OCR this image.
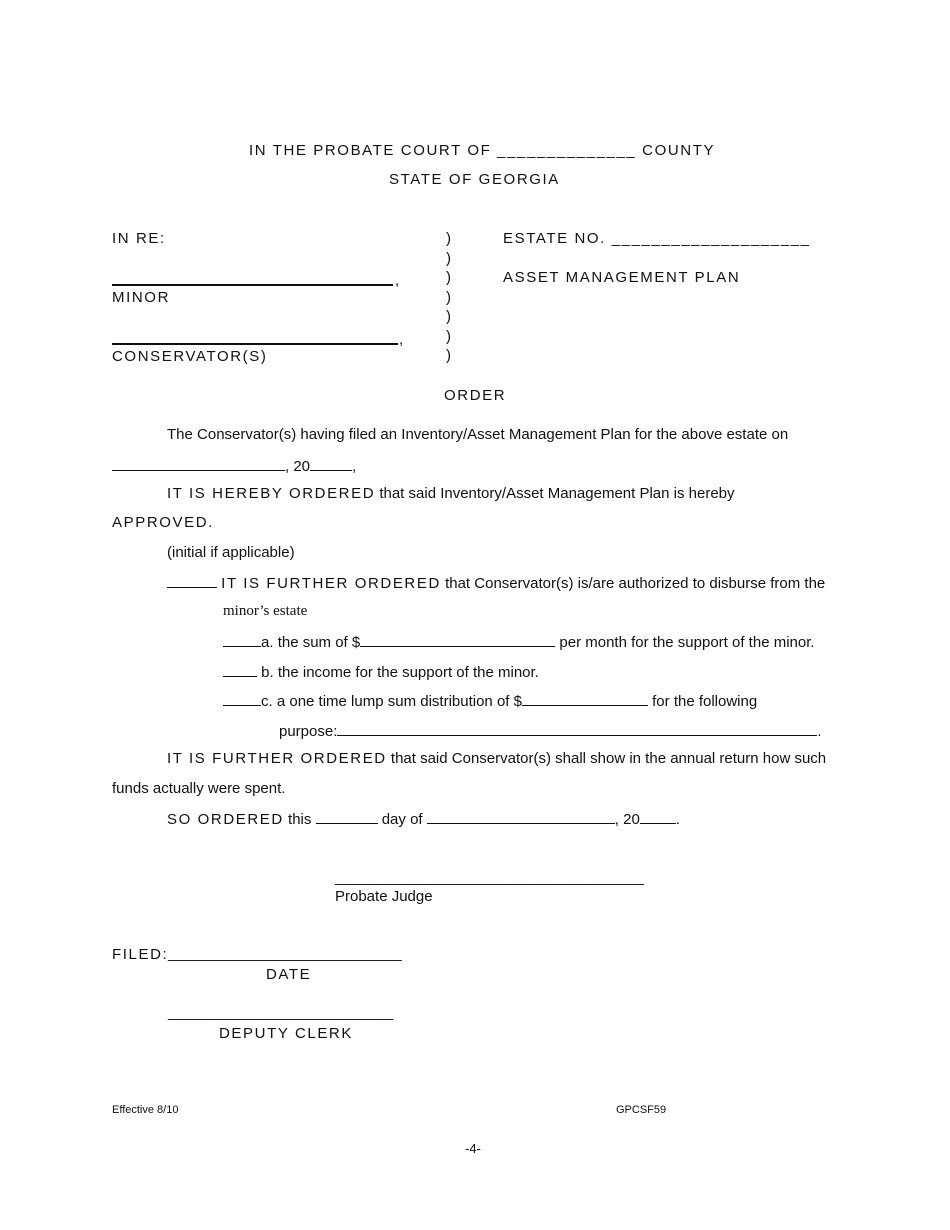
IN THE PROBATE COURT OF ______________ COUNTY
STATE OF GEORGIA
IN RE:
,
MINOR
,
CONSERVATOR(S)
)
)
)
)
)
)
)
ESTATE NO. ____________________
ASSET MANAGEMENT PLAN
ORDER
The Conservator(s) having filed an Inventory/Asset Management Plan for the above estate on
, 20	,
IT IS HEREBY ORDERED that said Inventory/Asset Management Plan is hereby
APPROVED.
(initial if applicable)
IT IS FURTHER ORDERED that Conservator(s) is/are authorized to disburse from the
minor’s estate
a. the sum of $	per month for the support of the minor.
b. the income for the support of the minor.
c. a one time lump sum distribution of $	for the following
purpose:	.
IT IS FURTHER ORDERED that said Conservator(s) shall show in the annual return how such
funds actually were spent.
SO ORDERED this	day of	, 20 .
_____________________________________
Probate Judge
FILED: ____________________________
DATE
___________________________
DEPUTY CLERK
Effective 8/10	GPCSF59
-4-
